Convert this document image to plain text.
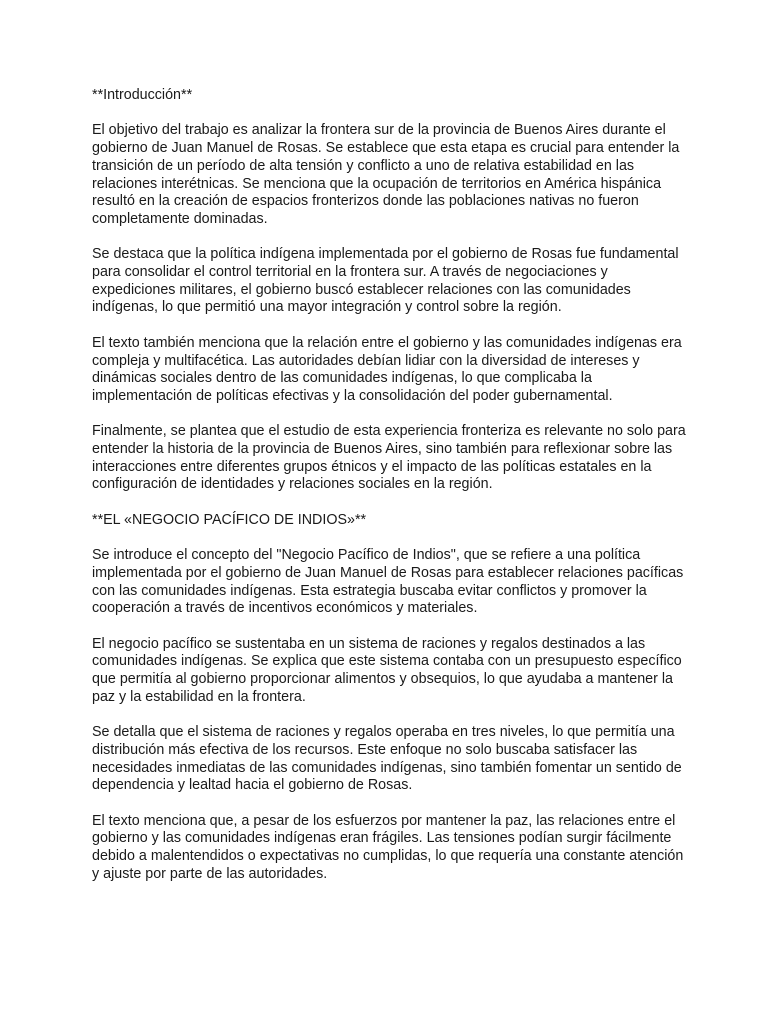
**Introducción**

El objetivo del trabajo es analizar la frontera sur de la provincia de Buenos Aires durante el gobierno de Juan Manuel de Rosas. Se establece que esta etapa es crucial para entender la transición de un período de alta tensión y conflicto a uno de relativa estabilidad en las relaciones interétnicas. Se menciona que la ocupación de territorios en América hispánica resultó en la creación de espacios fronterizos donde las poblaciones nativas no fueron completamente dominadas.

Se destaca que la política indígena implementada por el gobierno de Rosas fue fundamental para consolidar el control territorial en la frontera sur. A través de negociaciones y expediciones militares, el gobierno buscó establecer relaciones con las comunidades indígenas, lo que permitió una mayor integración y control sobre la región.

El texto también menciona que la relación entre el gobierno y las comunidades indígenas era compleja y multifacética. Las autoridades debían lidiar con la diversidad de intereses y dinámicas sociales dentro de las comunidades indígenas, lo que complicaba la implementación de políticas efectivas y la consolidación del poder gubernamental.

Finalmente, se plantea que el estudio de esta experiencia fronteriza es relevante no solo para entender la historia de la provincia de Buenos Aires, sino también para reflexionar sobre las interacciones entre diferentes grupos étnicos y el impacto de las políticas estatales en la configuración de identidades y relaciones sociales en la región.

**EL «NEGOCIO PACÍFICO DE INDIOS»**

Se introduce el concepto del "Negocio Pacífico de Indios", que se refiere a una política implementada por el gobierno de Juan Manuel de Rosas para establecer relaciones pacíficas con las comunidades indígenas. Esta estrategia buscaba evitar conflictos y promover la cooperación a través de incentivos económicos y materiales.

El negocio pacífico se sustentaba en un sistema de raciones y regalos destinados a las comunidades indígenas. Se explica que este sistema contaba con un presupuesto específico que permitía al gobierno proporcionar alimentos y obsequios, lo que ayudaba a mantener la paz y la estabilidad en la frontera.

Se detalla que el sistema de raciones y regalos operaba en tres niveles, lo que permitía una distribución más efectiva de los recursos. Este enfoque no solo buscaba satisfacer las necesidades inmediatas de las comunidades indígenas, sino también fomentar un sentido de dependencia y lealtad hacia el gobierno de Rosas.

El texto menciona que, a pesar de los esfuerzos por mantener la paz, las relaciones entre el gobierno y las comunidades indígenas eran frágiles. Las tensiones podían surgir fácilmente debido a malentendidos o expectativas no cumplidas, lo que requería una constante atención y ajuste por parte de las autoridades.
